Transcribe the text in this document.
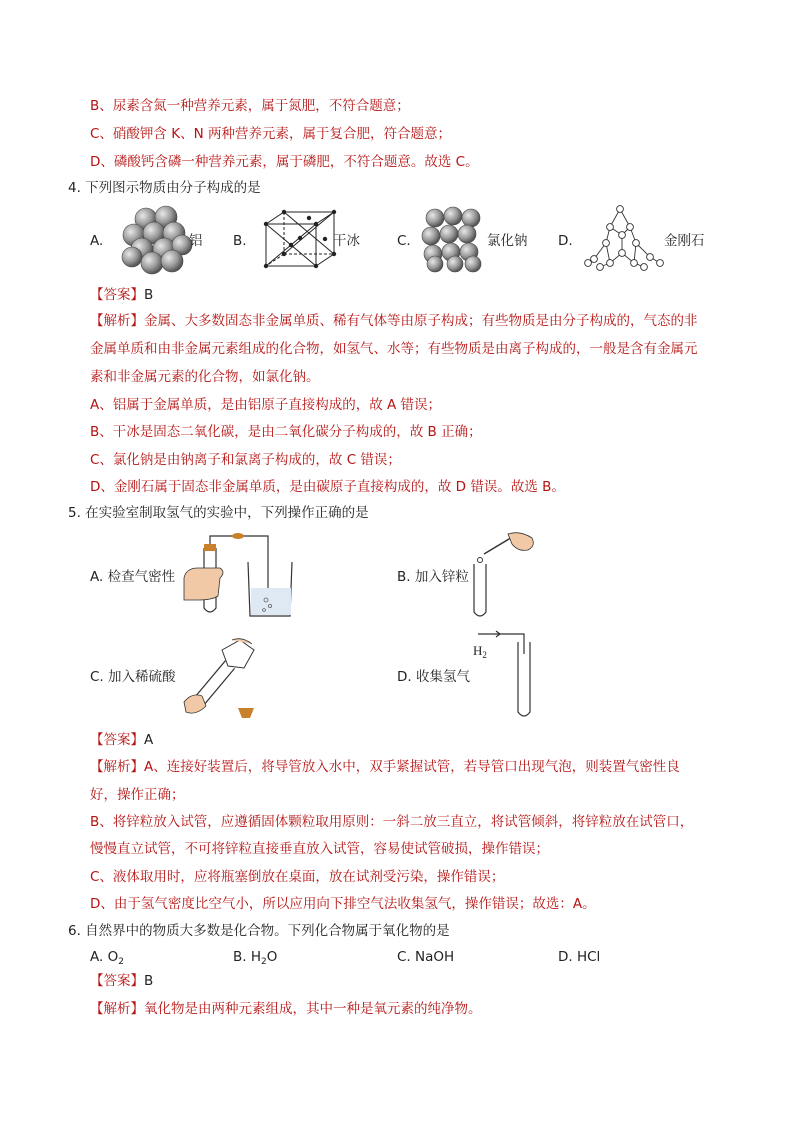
B、尿素含氮一种营养元素，属于氮肥，不符合题意；
C、硝酸钾含 K、N 两种营养元素，属于复合肥，符合题意；
D、磷酸钙含磷一种营养元素，属于磷肥，不符合题意。故选 C。
4. 下列图示物质由分子构成的是
A.	铝 B.	干冰	C.	氯化钠 D.	金刚石
【答案】B
【解析】金属、大多数固态非金属单质、稀有气体等由原子构成；有些物质是由分子构成的，气态的非
金属单质和由非金属元素组成的化合物，如氢气、水等；有些物质是由离子构成的，一般是含有金属元
素和非金属元素的化合物，如氯化钠。
A、铝属于金属单质，是由铝原子直接构成的，故 A 错误；
B、干冰是固态二氧化碳，是由二氧化碳分子构成的，故 B 正确；
C、氯化钠是由钠离子和氯离子构成的，故 C 错误；
D、金刚石属于固态非金属单质，是由碳原子直接构成的，故 D 错误。故选 B。
5. 在实验室制取氢气的实验中，下列操作正确的是
A. 检查气密性	B. 加入锌粒
C. 加入稀硫酸	D. 收集氢气
$H_2$
【答案】A
【解析】A、连接好装置后，将导管放入水中，双手紧握试管，若导管口出现气泡，则装置气密性良
好，操作正确；
B、将锌粒放入试管，应遵循固体颗粒取用原则：一斜二放三直立，将试管倾斜，将锌粒放在试管口，
慢慢直立试管，不可将锌粒直接垂直放入试管，容易使试管破损，操作错误；
C、液体取用时，应将瓶塞倒放在桌面，放在试剂受污染，操作错误；
D、由于氢气密度比空气小，所以应用向下排空气法收集氢气，操作错误；故选：A。
6. 自然界中的物质大多数是化合物。下列化合物属于氧化物的是
A. $O_2$	B. $H_2O$	C. NaOH	D. HCl
【答案】B
【解析】氧化物是由两种元素组成，其中一种是氧元素的纯净物。
